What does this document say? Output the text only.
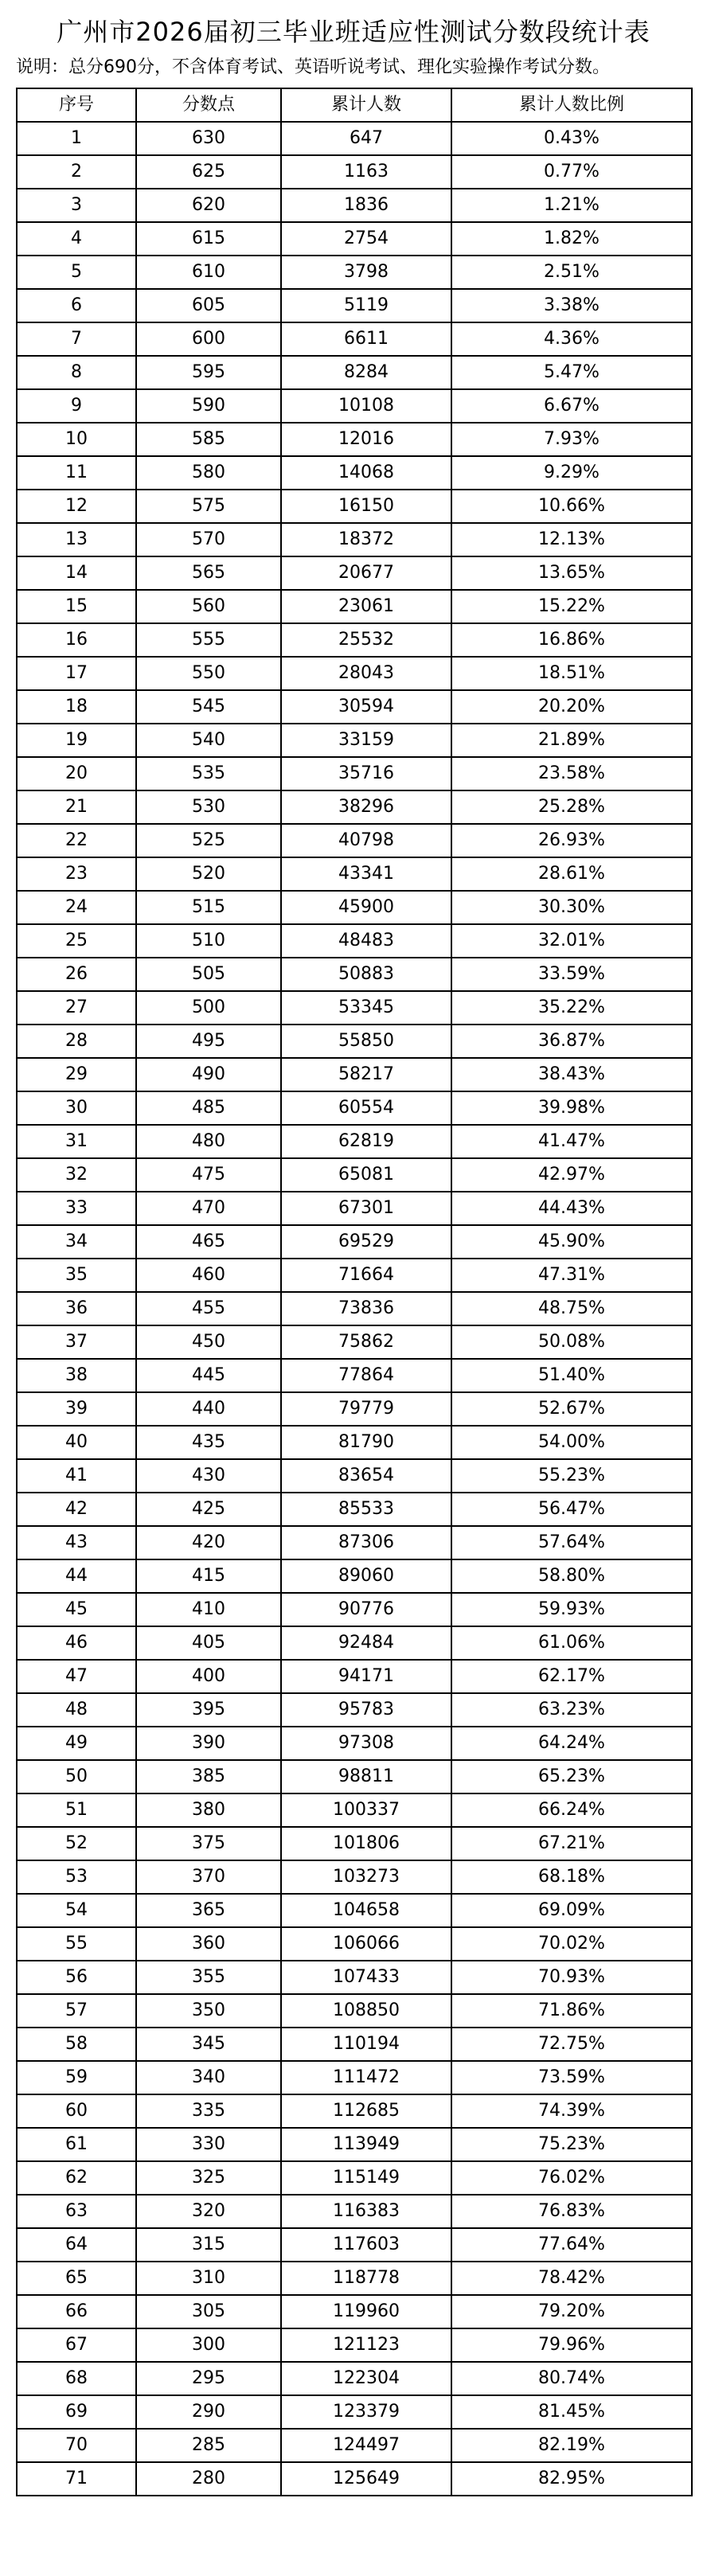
广州市2026届初三毕业班适应性测试分数段统计表
说明：总分690分，不含体育考试、英语听说考试、理化实验操作考试分数。
序号	分数点	累计人数	累计人数比例
1	630	647	0.43%
2	625	1163	0.77%
3	620	1836	1.21%
4	615	2754	1.82%
5	610	3798	2.51%
6	605	5119	3.38%
7	600	6611	4.36%
8	595	8284	5.47%
9	590	10108	6.67%
10	585	12016	7.93%
11	580	14068	9.29%
12	575	16150	10.66%
13	570	18372	12.13%
14	565	20677	13.65%
15	560	23061	15.22%
16	555	25532	16.86%
17	550	28043	18.51%
18	545	30594	20.20%
19	540	33159	21.89%
20	535	35716	23.58%
21	530	38296	25.28%
22	525	40798	26.93%
23	520	43341	28.61%
24	515	45900	30.30%
25	510	48483	32.01%
26	505	50883	33.59%
27	500	53345	35.22%
28	495	55850	36.87%
29	490	58217	38.43%
30	485	60554	39.98%
31	480	62819	41.47%
32	475	65081	42.97%
33	470	67301	44.43%
34	465	69529	45.90%
35	460	71664	47.31%
36	455	73836	48.75%
37	450	75862	50.08%
38	445	77864	51.40%
39	440	79779	52.67%
40	435	81790	54.00%
41	430	83654	55.23%
42	425	85533	56.47%
43	420	87306	57.64%
44	415	89060	58.80%
45	410	90776	59.93%
46	405	92484	61.06%
47	400	94171	62.17%
48	395	95783	63.23%
49	390	97308	64.24%
50	385	98811	65.23%
51	380	100337	66.24%
52	375	101806	67.21%
53	370	103273	68.18%
54	365	104658	69.09%
55	360	106066	70.02%
56	355	107433	70.93%
57	350	108850	71.86%
58	345	110194	72.75%
59	340	111472	73.59%
60	335	112685	74.39%
61	330	113949	75.23%
62	325	115149	76.02%
63	320	116383	76.83%
64	315	117603	77.64%
65	310	118778	78.42%
66	305	119960	79.20%
67	300	121123	79.96%
68	295	122304	80.74%
69	290	123379	81.45%
70	285	124497	82.19%
71	280	125649	82.95%
